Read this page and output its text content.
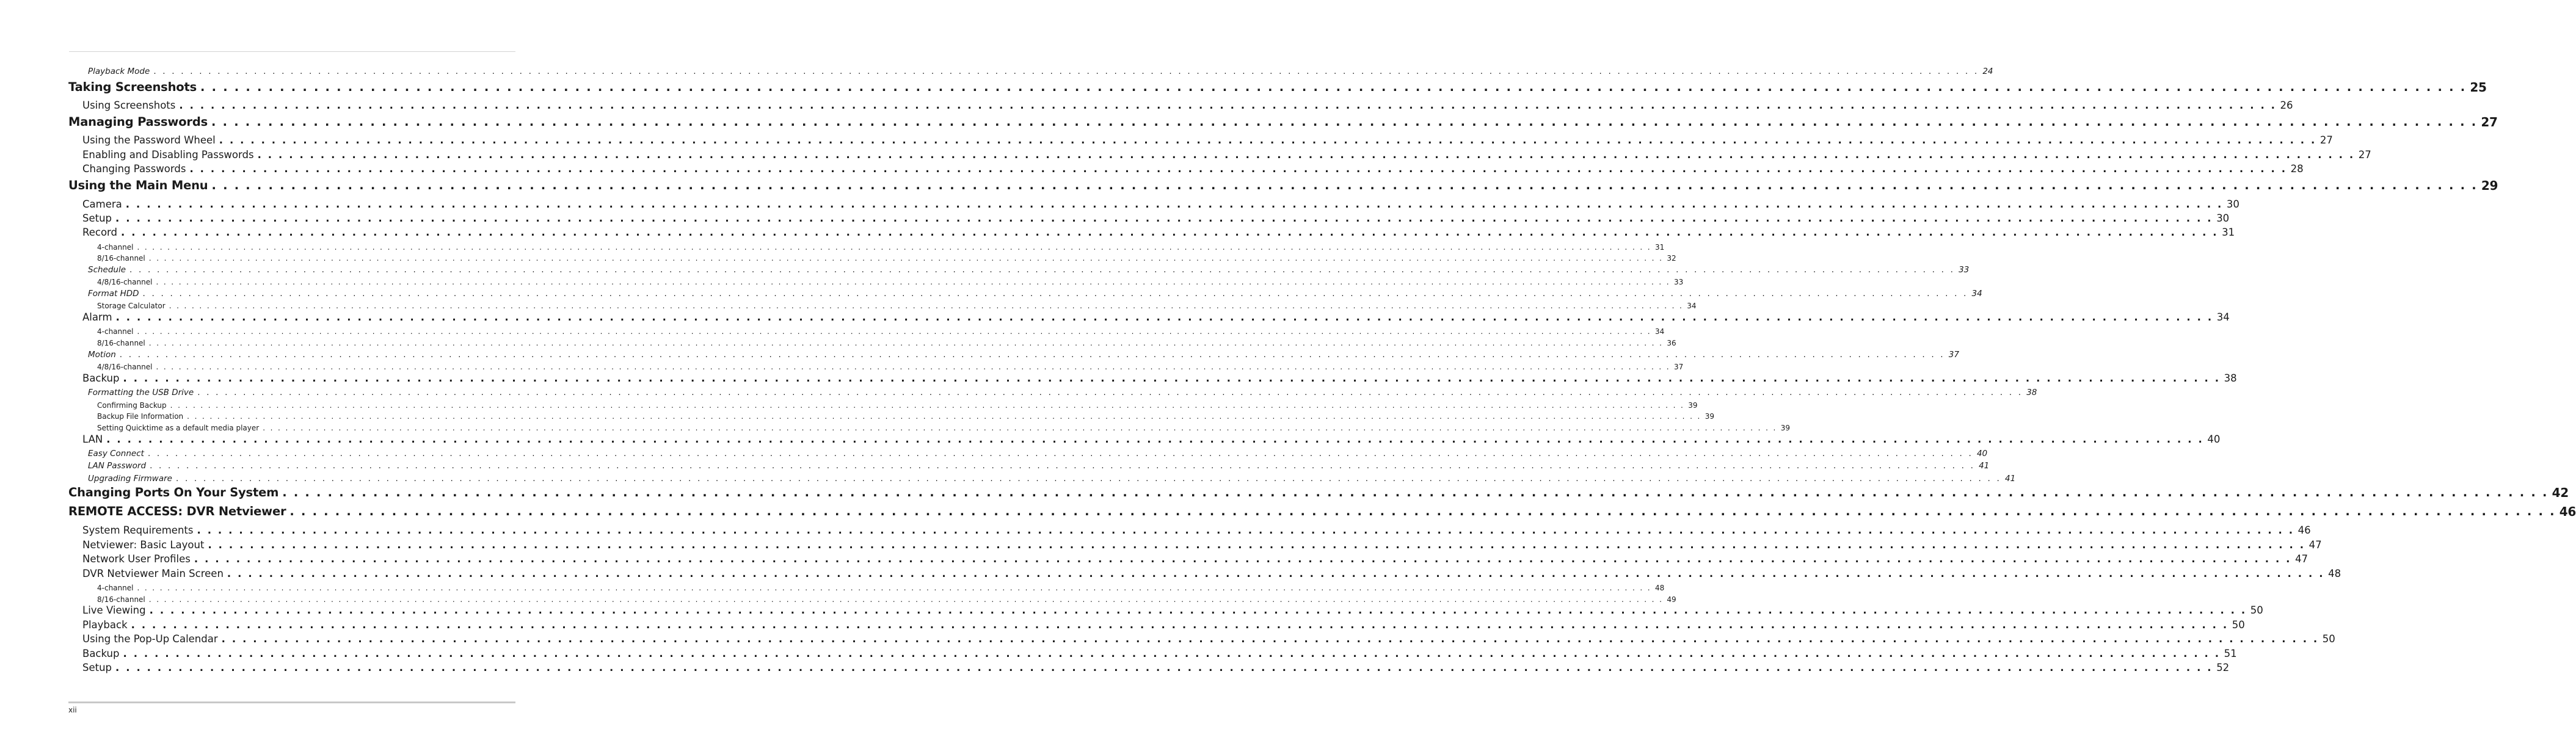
Playback Mode . . . . . . . . . . . . . . . . . . . . . . . . . . . . . . . . . . . . . . . . . . . . . . . . . . . . . . . . . . . . . . . . . . . . . . . . . . . . . . . . . . . . . . . . . . . . . . . . . . . . . . . . . . . . . . . . . . . . . . . . . . . . . . . . . . . . . . . . . . . . . . . . . . . . . . . . . . . . . . . . . . . . . . . . . . . . . . . . . . . . . . . . . . . . . . . . . . . . . . . . 24
Taking Screenshots . . . . . . . . . . . . . . . . . . . . . . . . . . . . . . . . . . . . . . . . . . . . . . . . . . . . . . . . . . . . . . . . . . . . . . . . . . . . . . . . . . . . . . . . . . . . . . . . . . . . . . . . . . . . . . . . . . . . . . . . . . . . . . . . . . . . . . . . . . . . . . . . . . . . . . . . . . . . . . . . . . . . . . . . . . . . . . . . . . . . . . . . . . . . . . . . . . . . . . . . 25
Using Screenshots . . . . . . . . . . . . . . . . . . . . . . . . . . . . . . . . . . . . . . . . . . . . . . . . . . . . . . . . . . . . . . . . . . . . . . . . . . . . . . . . . . . . . . . . . . . . . . . . . . . . . . . . . . . . . . . . . . . . . . . . . . . . . . . . . . . . . . . . . . . . . . . . . . . . . . . . . . . . . . . . . . . . . . . . . . . . . . . . . . . . . . . . . . . . . . . . . . . . . . . . 26
Managing Passwords . . . . . . . . . . . . . . . . . . . . . . . . . . . . . . . . . . . . . . . . . . . . . . . . . . . . . . . . . . . . . . . . . . . . . . . . . . . . . . . . . . . . . . . . . . . . . . . . . . . . . . . . . . . . . . . . . . . . . . . . . . . . . . . . . . . . . . . . . . . . . . . . . . . . . . . . . . . . . . . . . . . . . . . . . . . . . . . . . . . . . . . . . . . . . . . . . . . . . . . . 27
Using the Password Wheel . . . . . . . . . . . . . . . . . . . . . . . . . . . . . . . . . . . . . . . . . . . . . . . . . . . . . . . . . . . . . . . . . . . . . . . . . . . . . . . . . . . . . . . . . . . . . . . . . . . . . . . . . . . . . . . . . . . . . . . . . . . . . . . . . . . . . . . . . . . . . . . . . . . . . . . . . . . . . . . . . . . . . . . . . . . . . . . . . . . . . . . . . . . . . . . . . . . . . . . . 27
Enabling and Disabling Passwords . . . . . . . . . . . . . . . . . . . . . . . . . . . . . . . . . . . . . . . . . . . . . . . . . . . . . . . . . . . . . . . . . . . . . . . . . . . . . . . . . . . . . . . . . . . . . . . . . . . . . . . . . . . . . . . . . . . . . . . . . . . . . . . . . . . . . . . . . . . . . . . . . . . . . . . . . . . . . . . . . . . . . . . . . . . . . . . . . . . . . . . . . . . . . . . . . . . . . . . . 27
Changing Passwords . . . . . . . . . . . . . . . . . . . . . . . . . . . . . . . . . . . . . . . . . . . . . . . . . . . . . . . . . . . . . . . . . . . . . . . . . . . . . . . . . . . . . . . . . . . . . . . . . . . . . . . . . . . . . . . . . . . . . . . . . . . . . . . . . . . . . . . . . . . . . . . . . . . . . . . . . . . . . . . . . . . . . . . . . . . . . . . . . . . . . . . . . . . . . . . . . . . . . . . . 28
Using the Main Menu . . . . . . . . . . . . . . . . . . . . . . . . . . . . . . . . . . . . . . . . . . . . . . . . . . . . . . . . . . . . . . . . . . . . . . . . . . . . . . . . . . . . . . . . . . . . . . . . . . . . . . . . . . . . . . . . . . . . . . . . . . . . . . . . . . . . . . . . . . . . . . . . . . . . . . . . . . . . . . . . . . . . . . . . . . . . . . . . . . . . . . . . . . . . . . . . . . . . . . . . 29
Camera . . . . . . . . . . . . . . . . . . . . . . . . . . . . . . . . . . . . . . . . . . . . . . . . . . . . . . . . . . . . . . . . . . . . . . . . . . . . . . . . . . . . . . . . . . . . . . . . . . . . . . . . . . . . . . . . . . . . . . . . . . . . . . . . . . . . . . . . . . . . . . . . . . . . . . . . . . . . . . . . . . . . . . . . . . . . . . . . . . . . . . . . . . . . . . . . . . . . . . . . 30
Setup . . . . . . . . . . . . . . . . . . . . . . . . . . . . . . . . . . . . . . . . . . . . . . . . . . . . . . . . . . . . . . . . . . . . . . . . . . . . . . . . . . . . . . . . . . . . . . . . . . . . . . . . . . . . . . . . . . . . . . . . . . . . . . . . . . . . . . . . . . . . . . . . . . . . . . . . . . . . . . . . . . . . . . . . . . . . . . . . . . . . . . . . . . . . . . . . . . . . . . . . 30
Record . . . . . . . . . . . . . . . . . . . . . . . . . . . . . . . . . . . . . . . . . . . . . . . . . . . . . . . . . . . . . . . . . . . . . . . . . . . . . . . . . . . . . . . . . . . . . . . . . . . . . . . . . . . . . . . . . . . . . . . . . . . . . . . . . . . . . . . . . . . . . . . . . . . . . . . . . . . . . . . . . . . . . . . . . . . . . . . . . . . . . . . . . . . . . . . . . . . . . . . . 31
4-channel . . . . . . . . . . . . . . . . . . . . . . . . . . . . . . . . . . . . . . . . . . . . . . . . . . . . . . . . . . . . . . . . . . . . . . . . . . . . . . . . . . . . . . . . . . . . . . . . . . . . . . . . . . . . . . . . . . . . . . . . . . . . . . . . . . . . . . . . . . . . . . . . . . . . . . . . . . . . . . . . . . . . . . . . . . . . . . . . . . . . . . . . . . . . . . . . . . . . . . . . 31
8/16-channel . . . . . . . . . . . . . . . . . . . . . . . . . . . . . . . . . . . . . . . . . . . . . . . . . . . . . . . . . . . . . . . . . . . . . . . . . . . . . . . . . . . . . . . . . . . . . . . . . . . . . . . . . . . . . . . . . . . . . . . . . . . . . . . . . . . . . . . . . . . . . . . . . . . . . . . . . . . . . . . . . . . . . . . . . . . . . . . . . . . . . . . . . . . . . . . . . . . . . . . . 32
Schedule . . . . . . . . . . . . . . . . . . . . . . . . . . . . . . . . . . . . . . . . . . . . . . . . . . . . . . . . . . . . . . . . . . . . . . . . . . . . . . . . . . . . . . . . . . . . . . . . . . . . . . . . . . . . . . . . . . . . . . . . . . . . . . . . . . . . . . . . . . . . . . . . . . . . . . . . . . . . . . . . . . . . . . . . . . . . . . . . . . . . . . . . . . . . . . . . . . . . . . . . 33
4/8/16-channel . . . . . . . . . . . . . . . . . . . . . . . . . . . . . . . . . . . . . . . . . . . . . . . . . . . . . . . . . . . . . . . . . . . . . . . . . . . . . . . . . . . . . . . . . . . . . . . . . . . . . . . . . . . . . . . . . . . . . . . . . . . . . . . . . . . . . . . . . . . . . . . . . . . . . . . . . . . . . . . . . . . . . . . . . . . . . . . . . . . . . . . . . . . . . . . . . . . . . . . . 33
Format HDD . . . . . . . . . . . . . . . . . . . . . . . . . . . . . . . . . . . . . . . . . . . . . . . . . . . . . . . . . . . . . . . . . . . . . . . . . . . . . . . . . . . . . . . . . . . . . . . . . . . . . . . . . . . . . . . . . . . . . . . . . . . . . . . . . . . . . . . . . . . . . . . . . . . . . . . . . . . . . . . . . . . . . . . . . . . . . . . . . . . . . . . . . . . . . . . . . . . . . . . . 34
Storage Calculator . . . . . . . . . . . . . . . . . . . . . . . . . . . . . . . . . . . . . . . . . . . . . . . . . . . . . . . . . . . . . . . . . . . . . . . . . . . . . . . . . . . . . . . . . . . . . . . . . . . . . . . . . . . . . . . . . . . . . . . . . . . . . . . . . . . . . . . . . . . . . . . . . . . . . . . . . . . . . . . . . . . . . . . . . . . . . . . . . . . . . . . . . . . . . . . . . . . . . . . . 34
Alarm . . . . . . . . . . . . . . . . . . . . . . . . . . . . . . . . . . . . . . . . . . . . . . . . . . . . . . . . . . . . . . . . . . . . . . . . . . . . . . . . . . . . . . . . . . . . . . . . . . . . . . . . . . . . . . . . . . . . . . . . . . . . . . . . . . . . . . . . . . . . . . . . . . . . . . . . . . . . . . . . . . . . . . . . . . . . . . . . . . . . . . . . . . . . . . . . . . . . . . . . 34
4-channel . . . . . . . . . . . . . . . . . . . . . . . . . . . . . . . . . . . . . . . . . . . . . . . . . . . . . . . . . . . . . . . . . . . . . . . . . . . . . . . . . . . . . . . . . . . . . . . . . . . . . . . . . . . . . . . . . . . . . . . . . . . . . . . . . . . . . . . . . . . . . . . . . . . . . . . . . . . . . . . . . . . . . . . . . . . . . . . . . . . . . . . . . . . . . . . . . . . . . . . . 34
8/16-channel . . . . . . . . . . . . . . . . . . . . . . . . . . . . . . . . . . . . . . . . . . . . . . . . . . . . . . . . . . . . . . . . . . . . . . . . . . . . . . . . . . . . . . . . . . . . . . . . . . . . . . . . . . . . . . . . . . . . . . . . . . . . . . . . . . . . . . . . . . . . . . . . . . . . . . . . . . . . . . . . . . . . . . . . . . . . . . . . . . . . . . . . . . . . . . . . . . . . . . . . 36
Motion . . . . . . . . . . . . . . . . . . . . . . . . . . . . . . . . . . . . . . . . . . . . . . . . . . . . . . . . . . . . . . . . . . . . . . . . . . . . . . . . . . . . . . . . . . . . . . . . . . . . . . . . . . . . . . . . . . . . . . . . . . . . . . . . . . . . . . . . . . . . . . . . . . . . . . . . . . . . . . . . . . . . . . . . . . . . . . . . . . . . . . . . . . . . . . . . . . . . . . . . 37
4/8/16-channel . . . . . . . . . . . . . . . . . . . . . . . . . . . . . . . . . . . . . . . . . . . . . . . . . . . . . . . . . . . . . . . . . . . . . . . . . . . . . . . . . . . . . . . . . . . . . . . . . . . . . . . . . . . . . . . . . . . . . . . . . . . . . . . . . . . . . . . . . . . . . . . . . . . . . . . . . . . . . . . . . . . . . . . . . . . . . . . . . . . . . . . . . . . . . . . . . . . . . . . . 37
Backup . . . . . . . . . . . . . . . . . . . . . . . . . . . . . . . . . . . . . . . . . . . . . . . . . . . . . . . . . . . . . . . . . . . . . . . . . . . . . . . . . . . . . . . . . . . . . . . . . . . . . . . . . . . . . . . . . . . . . . . . . . . . . . . . . . . . . . . . . . . . . . . . . . . . . . . . . . . . . . . . . . . . . . . . . . . . . . . . . . . . . . . . . . . . . . . . . . . . . . . . 38
Formatting the USB Drive . . . . . . . . . . . . . . . . . . . . . . . . . . . . . . . . . . . . . . . . . . . . . . . . . . . . . . . . . . . . . . . . . . . . . . . . . . . . . . . . . . . . . . . . . . . . . . . . . . . . . . . . . . . . . . . . . . . . . . . . . . . . . . . . . . . . . . . . . . . . . . . . . . . . . . . . . . . . . . . . . . . . . . . . . . . . . . . . . . . . . . . . . . . . . . . . . . . . . . . . 38
Confirming Backup . . . . . . . . . . . . . . . . . . . . . . . . . . . . . . . . . . . . . . . . . . . . . . . . . . . . . . . . . . . . . . . . . . . . . . . . . . . . . . . . . . . . . . . . . . . . . . . . . . . . . . . . . . . . . . . . . . . . . . . . . . . . . . . . . . . . . . . . . . . . . . . . . . . . . . . . . . . . . . . . . . . . . . . . . . . . . . . . . . . . . . . . . . . . . . . . . . . . . . . . 39
Backup File Information . . . . . . . . . . . . . . . . . . . . . . . . . . . . . . . . . . . . . . . . . . . . . . . . . . . . . . . . . . . . . . . . . . . . . . . . . . . . . . . . . . . . . . . . . . . . . . . . . . . . . . . . . . . . . . . . . . . . . . . . . . . . . . . . . . . . . . . . . . . . . . . . . . . . . . . . . . . . . . . . . . . . . . . . . . . . . . . . . . . . . . . . . . . . . . . . . . . . . . . . 39
Setting Quicktime as a default media player . . . . . . . . . . . . . . . . . . . . . . . . . . . . . . . . . . . . . . . . . . . . . . . . . . . . . . . . . . . . . . . . . . . . . . . . . . . . . . . . . . . . . . . . . . . . . . . . . . . . . . . . . . . . . . . . . . . . . . . . . . . . . . . . . . . . . . . . . . . . . . . . . . . . . . . . . . . . . . . . . . . . . . . . . . . . . . . . . . . . . . . . . . . . . . . . . . . . . . . . 39
LAN . . . . . . . . . . . . . . . . . . . . . . . . . . . . . . . . . . . . . . . . . . . . . . . . . . . . . . . . . . . . . . . . . . . . . . . . . . . . . . . . . . . . . . . . . . . . . . . . . . . . . . . . . . . . . . . . . . . . . . . . . . . . . . . . . . . . . . . . . . . . . . . . . . . . . . . . . . . . . . . . . . . . . . . . . . . . . . . . . . . . . . . . . . . . . . . . . . . . . . . . 40
Easy Connect . . . . . . . . . . . . . . . . . . . . . . . . . . . . . . . . . . . . . . . . . . . . . . . . . . . . . . . . . . . . . . . . . . . . . . . . . . . . . . . . . . . . . . . . . . . . . . . . . . . . . . . . . . . . . . . . . . . . . . . . . . . . . . . . . . . . . . . . . . . . . . . . . . . . . . . . . . . . . . . . . . . . . . . . . . . . . . . . . . . . . . . . . . . . . . . . . . . . . . . . 40
LAN Password . . . . . . . . . . . . . . . . . . . . . . . . . . . . . . . . . . . . . . . . . . . . . . . . . . . . . . . . . . . . . . . . . . . . . . . . . . . . . . . . . . . . . . . . . . . . . . . . . . . . . . . . . . . . . . . . . . . . . . . . . . . . . . . . . . . . . . . . . . . . . . . . . . . . . . . . . . . . . . . . . . . . . . . . . . . . . . . . . . . . . . . . . . . . . . . . . . . . . . . . 41
Upgrading Firmware . . . . . . . . . . . . . . . . . . . . . . . . . . . . . . . . . . . . . . . . . . . . . . . . . . . . . . . . . . . . . . . . . . . . . . . . . . . . . . . . . . . . . . . . . . . . . . . . . . . . . . . . . . . . . . . . . . . . . . . . . . . . . . . . . . . . . . . . . . . . . . . . . . . . . . . . . . . . . . . . . . . . . . . . . . . . . . . . . . . . . . . . . . . . . . . . . . . . . . . . 41
Changing Ports On Your System . . . . . . . . . . . . . . . . . . . . . . . . . . . . . . . . . . . . . . . . . . . . . . . . . . . . . . . . . . . . . . . . . . . . . . . . . . . . . . . . . . . . . . . . . . . . . . . . . . . . . . . . . . . . . . . . . . . . . . . . . . . . . . . . . . . . . . . . . . . . . . . . . . . . . . . . . . . . . . . . . . . . . . . . . . . . . . . . . . . . . . . . . . . . . . . . . . . . . . . . 42
REMOTE ACCESS: DVR Netviewer . . . . . . . . . . . . . . . . . . . . . . . . . . . . . . . . . . . . . . . . . . . . . . . . . . . . . . . . . . . . . . . . . . . . . . . . . . . . . . . . . . . . . . . . . . . . . . . . . . . . . . . . . . . . . . . . . . . . . . . . . . . . . . . . . . . . . . . . . . . . . . . . . . . . . . . . . . . . . . . . . . . . . . . . . . . . . . . . . . . . . . . . . . . . . . . . . . . . . . . . 46
System Requirements . . . . . . . . . . . . . . . . . . . . . . . . . . . . . . . . . . . . . . . . . . . . . . . . . . . . . . . . . . . . . . . . . . . . . . . . . . . . . . . . . . . . . . . . . . . . . . . . . . . . . . . . . . . . . . . . . . . . . . . . . . . . . . . . . . . . . . . . . . . . . . . . . . . . . . . . . . . . . . . . . . . . . . . . . . . . . . . . . . . . . . . . . . . . . . . . . . . . . . . . 46
Netviewer: Basic Layout . . . . . . . . . . . . . . . . . . . . . . . . . . . . . . . . . . . . . . . . . . . . . . . . . . . . . . . . . . . . . . . . . . . . . . . . . . . . . . . . . . . . . . . . . . . . . . . . . . . . . . . . . . . . . . . . . . . . . . . . . . . . . . . . . . . . . . . . . . . . . . . . . . . . . . . . . . . . . . . . . . . . . . . . . . . . . . . . . . . . . . . . . . . . . . . . . . . . . . . . 47
Network User Profiles . . . . . . . . . . . . . . . . . . . . . . . . . . . . . . . . . . . . . . . . . . . . . . . . . . . . . . . . . . . . . . . . . . . . . . . . . . . . . . . . . . . . . . . . . . . . . . . . . . . . . . . . . . . . . . . . . . . . . . . . . . . . . . . . . . . . . . . . . . . . . . . . . . . . . . . . . . . . . . . . . . . . . . . . . . . . . . . . . . . . . . . . . . . . . . . . . . . . . . . . 47
DVR Netviewer Main Screen . . . . . . . . . . . . . . . . . . . . . . . . . . . . . . . . . . . . . . . . . . . . . . . . . . . . . . . . . . . . . . . . . . . . . . . . . . . . . . . . . . . . . . . . . . . . . . . . . . . . . . . . . . . . . . . . . . . . . . . . . . . . . . . . . . . . . . . . . . . . . . . . . . . . . . . . . . . . . . . . . . . . . . . . . . . . . . . . . . . . . . . . . . . . . . . . . . . . . . . . 48
4-channel . . . . . . . . . . . . . . . . . . . . . . . . . . . . . . . . . . . . . . . . . . . . . . . . . . . . . . . . . . . . . . . . . . . . . . . . . . . . . . . . . . . . . . . . . . . . . . . . . . . . . . . . . . . . . . . . . . . . . . . . . . . . . . . . . . . . . . . . . . . . . . . . . . . . . . . . . . . . . . . . . . . . . . . . . . . . . . . . . . . . . . . . . . . . . . . . . . . . . . . . 48
8/16-channel . . . . . . . . . . . . . . . . . . . . . . . . . . . . . . . . . . . . . . . . . . . . . . . . . . . . . . . . . . . . . . . . . . . . . . . . . . . . . . . . . . . . . . . . . . . . . . . . . . . . . . . . . . . . . . . . . . . . . . . . . . . . . . . . . . . . . . . . . . . . . . . . . . . . . . . . . . . . . . . . . . . . . . . . . . . . . . . . . . . . . . . . . . . . . . . . . . . . . . . . 49
Live Viewing . . . . . . . . . . . . . . . . . . . . . . . . . . . . . . . . . . . . . . . . . . . . . . . . . . . . . . . . . . . . . . . . . . . . . . . . . . . . . . . . . . . . . . . . . . . . . . . . . . . . . . . . . . . . . . . . . . . . . . . . . . . . . . . . . . . . . . . . . . . . . . . . . . . . . . . . . . . . . . . . . . . . . . . . . . . . . . . . . . . . . . . . . . . . . . . . . . . . . . . . 50
Playback . . . . . . . . . . . . . . . . . . . . . . . . . . . . . . . . . . . . . . . . . . . . . . . . . . . . . . . . . . . . . . . . . . . . . . . . . . . . . . . . . . . . . . . . . . . . . . . . . . . . . . . . . . . . . . . . . . . . . . . . . . . . . . . . . . . . . . . . . . . . . . . . . . . . . . . . . . . . . . . . . . . . . . . . . . . . . . . . . . . . . . . . . . . . . . . . . . . . . . . . 50
Using the Pop-Up Calendar . . . . . . . . . . . . . . . . . . . . . . . . . . . . . . . . . . . . . . . . . . . . . . . . . . . . . . . . . . . . . . . . . . . . . . . . . . . . . . . . . . . . . . . . . . . . . . . . . . . . . . . . . . . . . . . . . . . . . . . . . . . . . . . . . . . . . . . . . . . . . . . . . . . . . . . . . . . . . . . . . . . . . . . . . . . . . . . . . . . . . . . . . . . . . . . . . . . . . . . . 50
Backup . . . . . . . . . . . . . . . . . . . . . . . . . . . . . . . . . . . . . . . . . . . . . . . . . . . . . . . . . . . . . . . . . . . . . . . . . . . . . . . . . . . . . . . . . . . . . . . . . . . . . . . . . . . . . . . . . . . . . . . . . . . . . . . . . . . . . . . . . . . . . . . . . . . . . . . . . . . . . . . . . . . . . . . . . . . . . . . . . . . . . . . . . . . . . . . . . . . . . . . . 51
Setup . . . . . . . . . . . . . . . . . . . . . . . . . . . . . . . . . . . . . . . . . . . . . . . . . . . . . . . . . . . . . . . . . . . . . . . . . . . . . . . . . . . . . . . . . . . . . . . . . . . . . . . . . . . . . . . . . . . . . . . . . . . . . . . . . . . . . . . . . . . . . . . . . . . . . . . . . . . . . . . . . . . . . . . . . . . . . . . . . . . . . . . . . . . . . . . . . . . . . . . . 52
xii
